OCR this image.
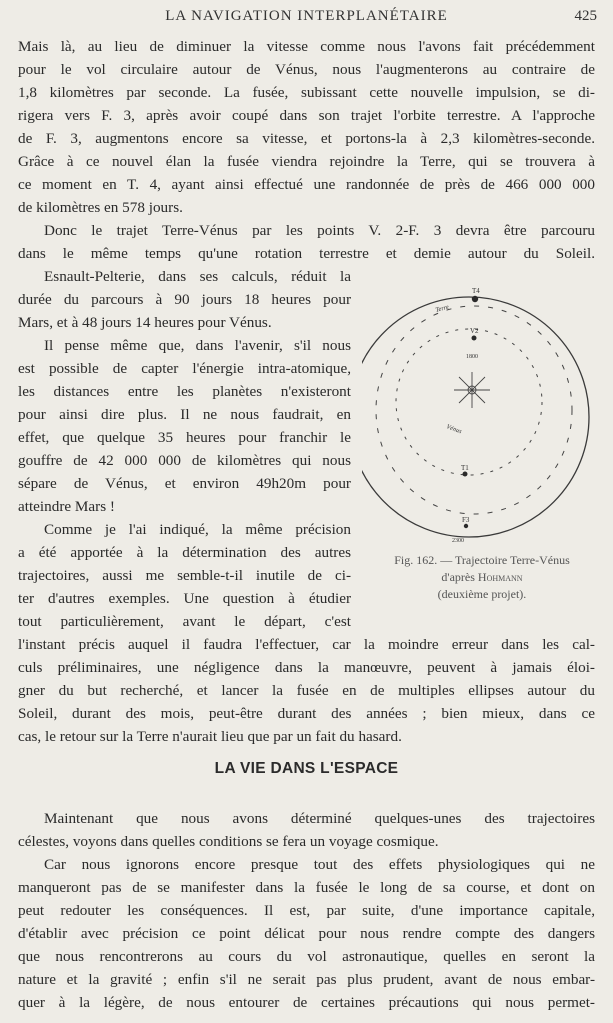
LA NAVIGATION INTERPLANÉTAIRE	425
Mais là, au lieu de diminuer la vitesse comme nous l'avons fait précédemment
pour le vol circulaire autour de Vénus, nous l'augmenterons au contraire de
1,8 kilomètres par seconde. La fusée, subissant cette nouvelle impulsion, se di-
rigera vers F. 3, après avoir coupé dans son trajet l'orbite terrestre. A l'approche
de F. 3, augmentons encore sa vitesse, et portons-la à 2,3 kilomètres-seconde.
Grâce à ce nouvel élan la fusée viendra rejoindre la Terre, qui se trouvera à
ce moment en T. 4, ayant ainsi effectué une randonnée de près de 466 000 000
de kilomètres en 578 jours.
Donc le trajet Terre-Vénus par les points V. 2-F. 3 devra être parcouru
dans le même temps qu'une rotation terrestre et demie autour du Soleil.
Esnault-Pelterie, dans ses calculs, réduit la
durée du parcours à 90 jours 18 heures pour
Mars, et à 48 jours 14 heures pour Vénus.
Il pense même que, dans l'avenir, s'il nous
est possible de capter l'énergie intra-atomique,
les distances entre les planètes n'existeront
pour ainsi dire plus. Il ne nous faudrait, en
effet, que quelque 35 heures pour franchir le
gouffre de 42 000 000 de kilomètres qui nous
sépare de Vénus, et environ 49h20m pour
atteindre Mars !
Comme je l'ai indiqué, la même précision
a été apportée à la détermination des autres
trajectoires, aussi me semble-t-il inutile de ci-
ter d'autres exemples. Une question à étudier
tout particulièrement, avant le départ, c'est
l'instant précis auquel il faudra l'effectuer, car la moindre erreur dans les cal-
culs préliminaires, une négligence dans la manœuvre, peuvent à jamais éloi-
gner du but recherché, et lancer la fusée en de multiples ellipses autour du
Soleil, durant des mois, peut-être durant des années ; bien mieux, dans ce
cas, le retour sur la Terre n'aurait lieu que par un fait du hasard.
LA VIE DANS L'ESPACE
Maintenant que nous avons déterminé quelques-unes des trajectoires
célestes, voyons dans quelles conditions se fera un voyage cosmique.
Car nous ignorons encore presque tout des effets physiologiques qui ne
manqueront pas de se manifester dans la fusée le long de sa course, et dont on
peut redouter les conséquences. Il est, par suite, d'une importance capitale,
d'établir avec précision ce point délicat pour nous rendre compte des dangers
que nous rencontrerons au cours du vol astronautique, quelles en seront la
nature et la gravité ; enfin s'il ne serait pas plus prudent, avant de nous embar-
quer à la légère, de nous entourer de certaines précautions qui nous permet-
T4
V2
T1
F3
Terre
Vénus
1800
2300
Fig. 162. — Trajectoire Terre-Vénus
d'après Hohmann
(deuxième projet).
